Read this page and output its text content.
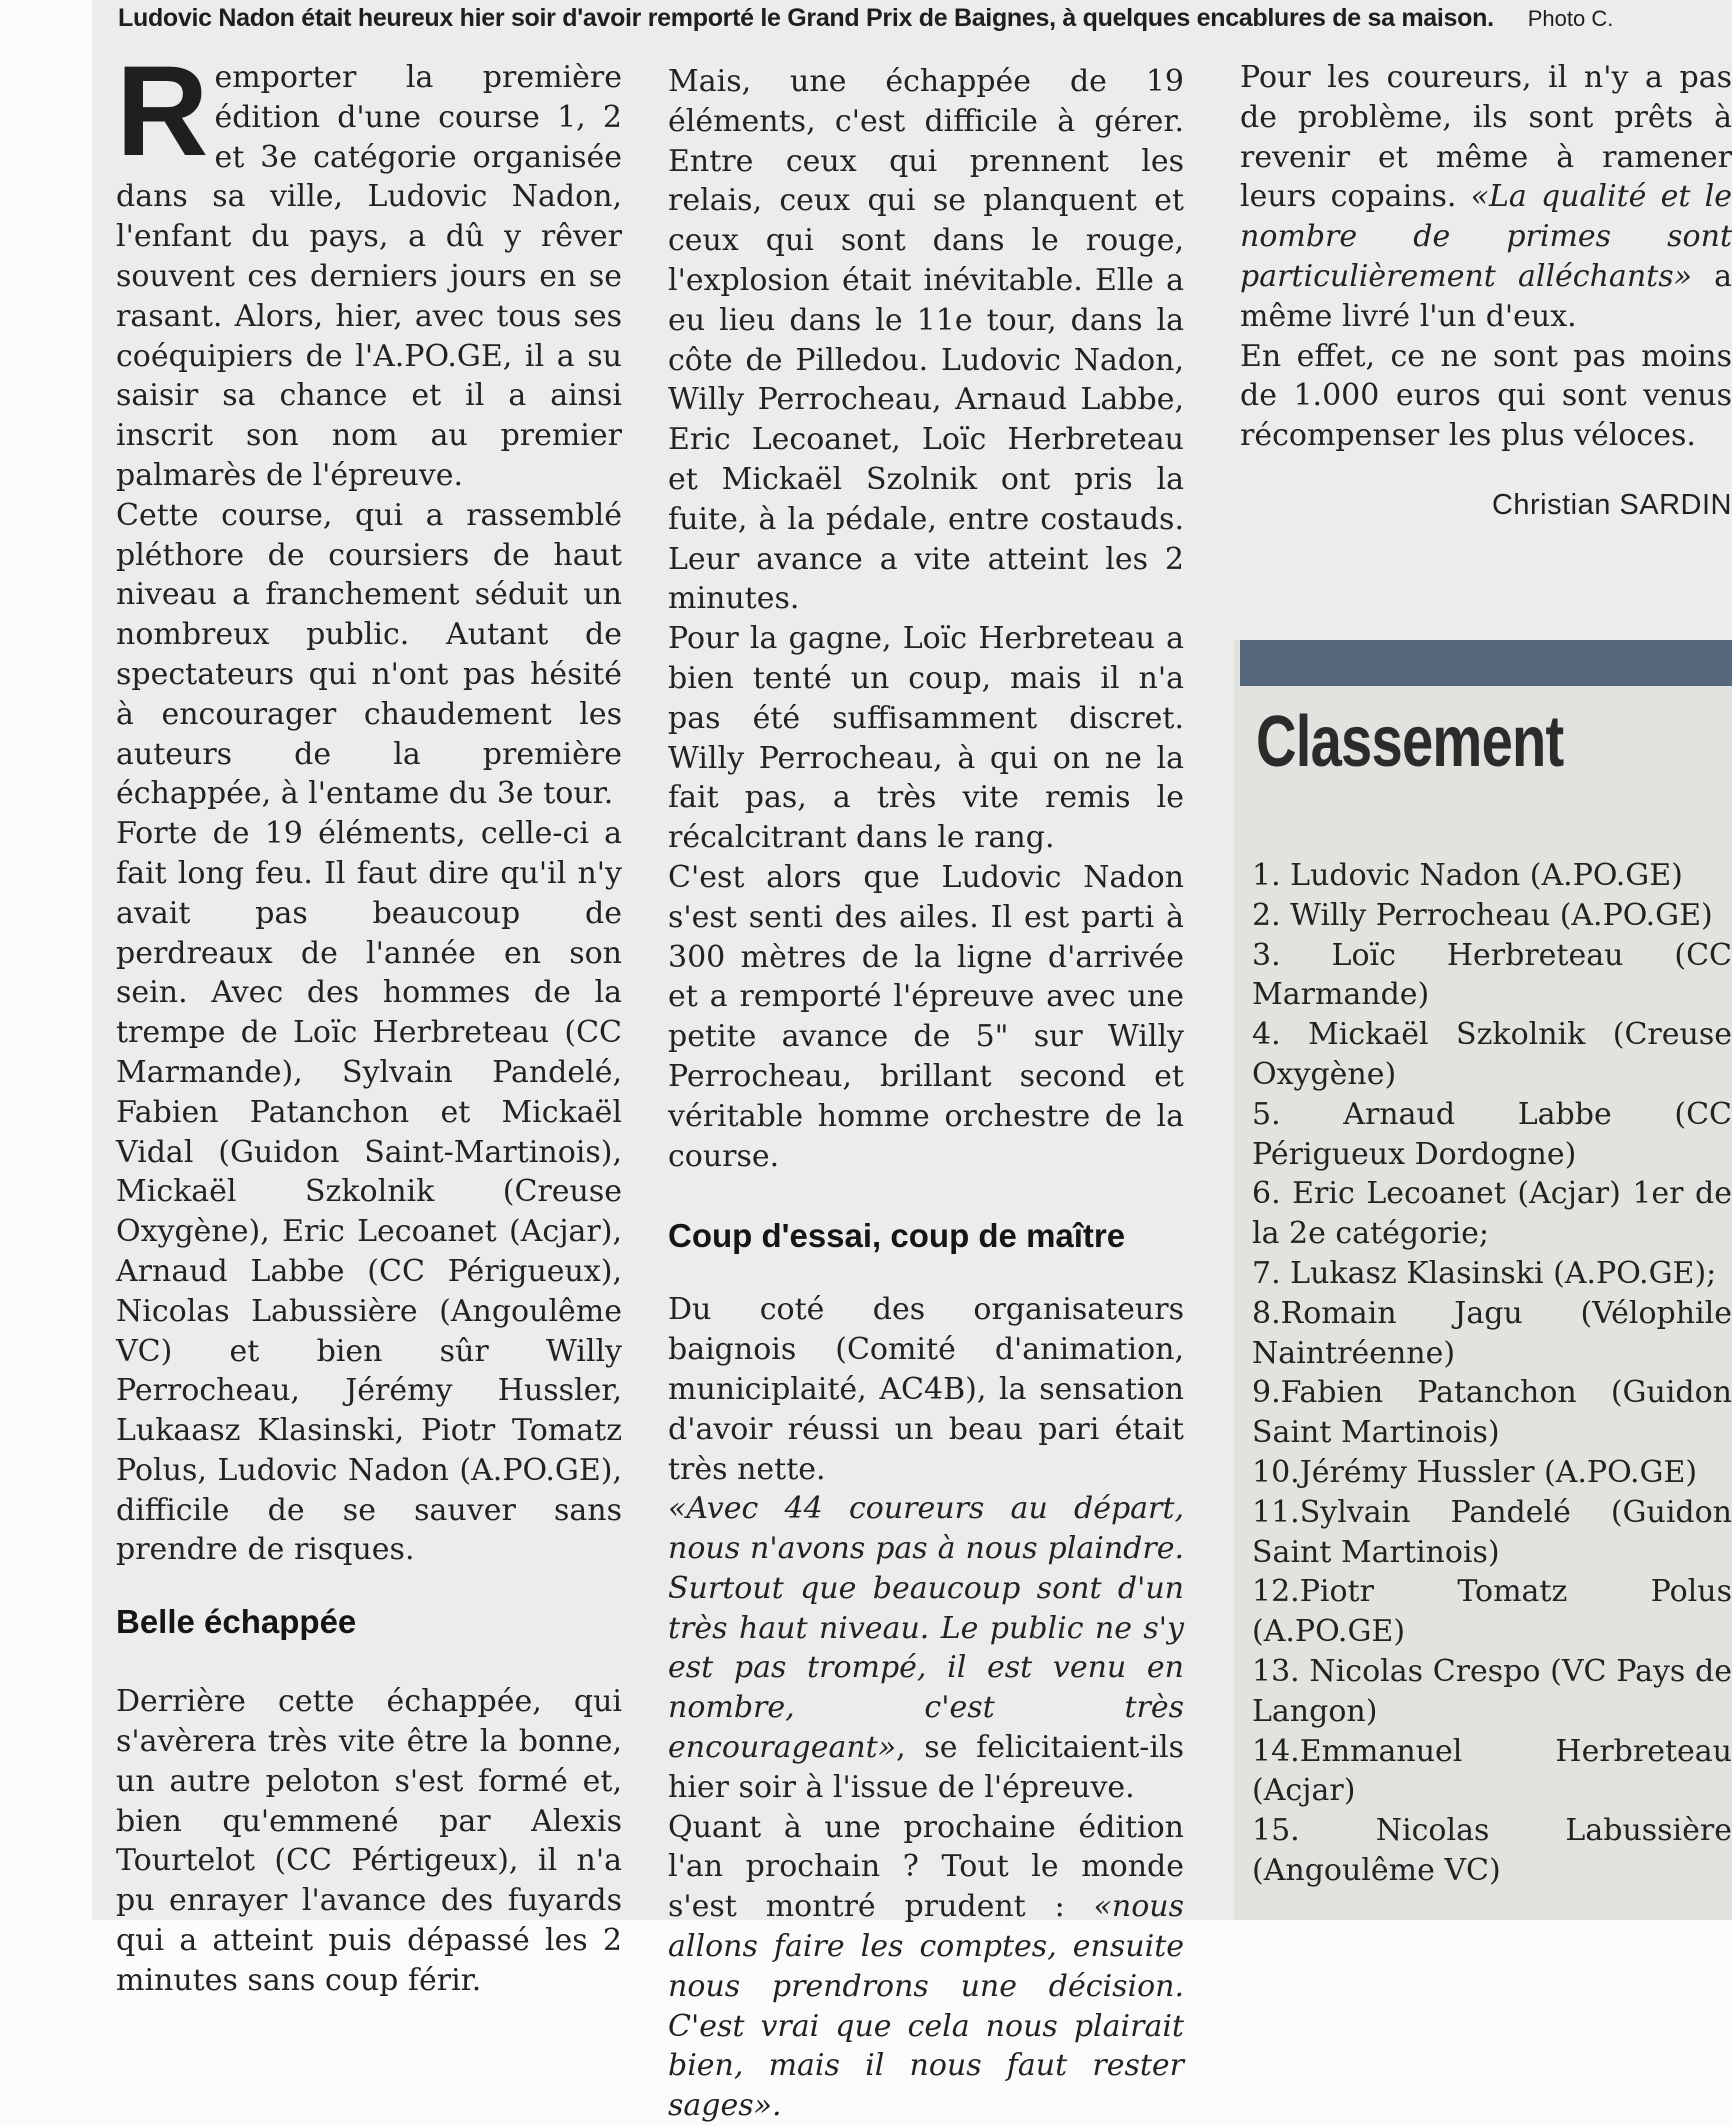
Ludovic Nadon était heureux hier soir d'avoir remporté le Grand Prix de Baignes, à quelques encablures de sa maison. Photo C.

Remporter la première édition d'une course 1, 2 et 3e catégorie organisée dans sa ville, Ludovic Nadon, l'enfant du pays, a dû y rêver souvent ces derniers jours en se rasant. Alors, hier, avec tous ses coéquipiers de l'A.PO.GE, il a su saisir sa chance et il a ainsi inscrit son nom au premier palmarès de l'épreuve.

Cette course, qui a rassemblé pléthore de coursiers de haut niveau a franchement séduit un nombreux public. Autant de spectateurs qui n'ont pas hésité à encourager chaudement les auteurs de la première échappée, à l'entame du 3e tour.

Forte de 19 éléments, celle-ci a fait long feu. Il faut dire qu'il n'y avait pas beaucoup de perdreaux de l'année en son sein. Avec des hommes de la trempe de Loïc Herbreteau (CC Marmande), Sylvain Pandelé, Fabien Patanchon et Mickaël Vidal (Guidon Saint-Martinois), Mickaël Szkolnik (Creuse Oxygène), Eric Lecoanet (Acjar), Arnaud Labbe (CC Périgueux), Nicolas Labussière (Angoulême VC) et bien sûr Willy Perrocheau, Jérémy Hussler, Lukaasz Klasinski, Piotr Tomatz Polus, Ludovic Nadon (A.PO.GE), difficile de se sauver sans prendre de risques.

Belle échappée

Derrière cette échappée, qui s'avèrera très vite être la bonne, un autre peloton s'est formé et, bien qu'emmené par Alexis Tourtelot (CC Pértigeux), il n'a pu enrayer l'avance des fuyards qui a atteint puis dépassé les 2 minutes sans coup férir.

Mais, une échappée de 19 éléments, c'est difficile à gérer. Entre ceux qui prennent les relais, ceux qui se planquent et ceux qui sont dans le rouge, l'explosion était inévitable. Elle a eu lieu dans le 11e tour, dans la côte de Pilledou. Ludovic Nadon, Willy Perrocheau, Arnaud Labbe, Eric Lecoanet, Loïc Herbreteau et Mickaël Szolnik ont pris la fuite, à la pédale, entre costauds. Leur avance a vite atteint les 2 minutes.

Pour la gagne, Loïc Herbreteau a bien tenté un coup, mais il n'a pas été suffisamment discret. Willy Perrocheau, à qui on ne la fait pas, a très vite remis le récalcitrant dans le rang.

C'est alors que Ludovic Nadon s'est senti des ailes. Il est parti à 300 mètres de la ligne d'arrivée et a remporté l'épreuve avec une petite avance de 5" sur Willy Perrocheau, brillant second et véritable homme orchestre de la course.

Coup d'essai, coup de maître

Du coté des organisateurs baignois (Comité d'animation, municiplaité, AC4B), la sensation d'avoir réussi un beau pari était très nette.

«Avec 44 coureurs au départ, nous n'avons pas à nous plaindre. Surtout que beaucoup sont d'un très haut niveau. Le public ne s'y est pas trompé, il est venu en nombre, c'est très encourageant», se felicitaient-ils hier soir à l'issue de l'épreuve.

Quant à une prochaine édition l'an prochain ? Tout le monde s'est montré prudent : «nous allons faire les comptes, ensuite nous prendrons une décision. C'est vrai que cela nous plairait bien, mais il nous faut rester sages».

Pour les coureurs, il n'y a pas de problème, ils sont prêts à revenir et même à ramener leurs copains. «La qualité et le nombre de primes sont particulièrement alléchants» a même livré l'un d'eux.

En effet, ce ne sont pas moins de 1.000 euros qui sont venus récompenser les plus véloces.

Christian SARDIN
Classement
1. Ludovic Nadon (A.PO.GE)
2. Willy Perrocheau (A.PO.GE)
3. Loïc Herbreteau (CC Marmande)
4. Mickaël Szkolnik (Creuse Oxygène)
5. Arnaud Labbe (CC Périgueux Dordogne)
6. Eric Lecoanet (Acjar) 1er de la 2e catégorie;
7. Lukasz Klasinski (A.PO.GE);
8.Romain Jagu (Vélophile Naintréenne)
9.Fabien Patanchon (Guidon Saint Martinois)
10.Jérémy Hussler (A.PO.GE)
11.Sylvain Pandelé (Guidon Saint Martinois)
12.Piotr Tomatz Polus (A.PO.GE)
13. Nicolas Crespo (VC Pays de Langon)
14.Emmanuel Herbreteau (Acjar)
15. Nicolas Labussière (Angoulême VC)
